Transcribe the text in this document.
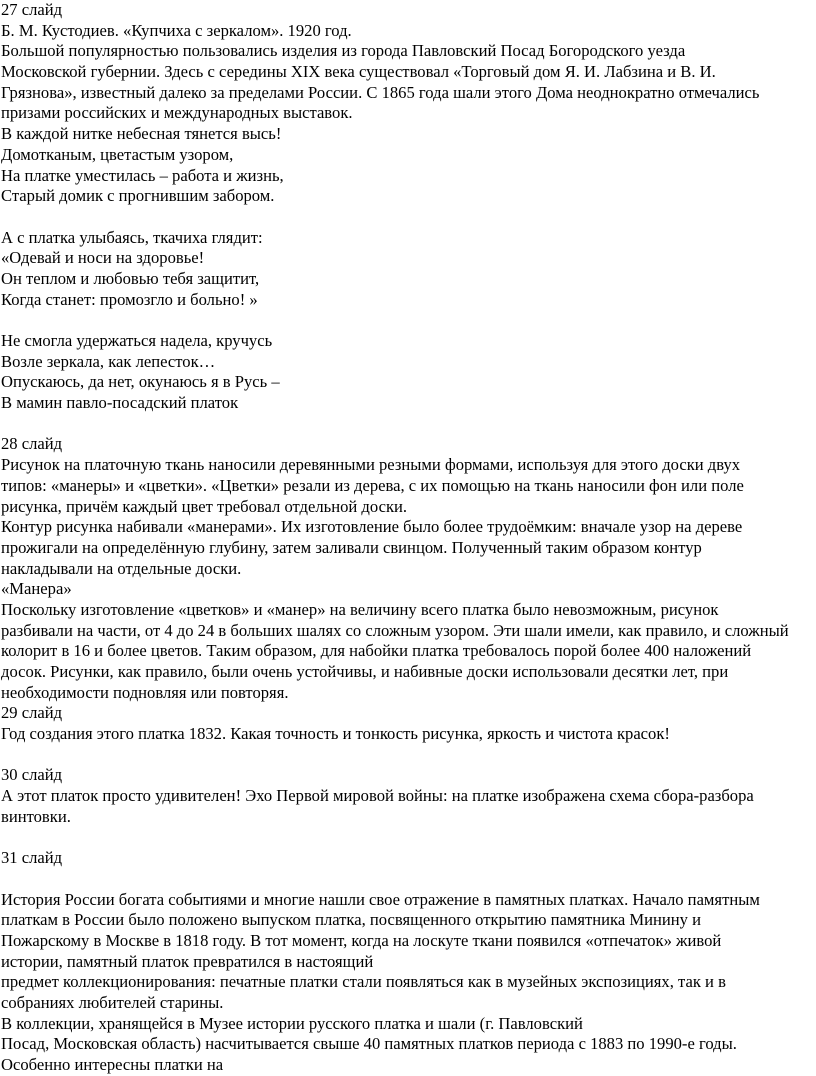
27 слайд
Б. М. Кустодиев. «Купчиха с зеркалом». 1920 год.
Большой популярностью пользовались изделия из города Павловский Посад Богородского уезда
Московской губернии. Здесь с середины XIX века существовал «Торговый дом Я. И. Лабзина и В. И.
Грязнова», известный далеко за пределами России. С 1865 года шали этого Дома неоднократно отмечались
призами российских и международных выставок.
В каждой нитке небесная тянется высь!
Домотканым, цветастым узором,
На платке уместилась – работа и жизнь,
Старый домик с прогнившим забором.
А с платка улыбаясь, ткачиха глядит:
«Одевай и носи на здоровье!
Он теплом и любовью тебя защитит,
Когда станет: промозгло и больно! »
Не смогла удержаться надела, кручусь
Возле зеркала, как лепесток…
Опускаюсь, да нет, окунаюсь я в Русь –
В мамин павло-посадский платок
28 слайд
Рисунок на платочную ткань наносили деревянными резными формами, используя для этого доски двух
типов: «манеры» и «цветки». «Цветки» резали из дерева, с их помощью на ткань наносили фон или поле
рисунка, причём каждый цвет требовал отдельной доски.
Контур рисунка набивали «манерами». Их изготовление было более трудоёмким: вначале узор на дереве
прожигали на определённую глубину, затем заливали свинцом. Полученный таким образом контур
накладывали на отдельные доски.
«Манера»
Поскольку изготовление «цветков» и «манер» на величину всего платка было невозможным, рисунок
разбивали на части, от 4 до 24 в больших шалях со сложным узором. Эти шали имели, как правило, и сложный
колорит в 16 и более цветов. Таким образом, для набойки платка требовалось порой более 400 наложений
досок. Рисунки, как правило, были очень устойчивы, и набивные доски использовали десятки лет, при
необходимости подновляя или повторяя.
29 слайд
Год создания этого платка 1832. Какая точность и тонкость рисунка, яркость и чистота красок!
30 слайд
А этот платок просто удивителен! Эхо Первой мировой войны: на платке изображена схема сбора-разбора
винтовки.
31 слайд
История России богата событиями и многие нашли свое отражение в памятных платках. Начало памятным
платкам в России было положено выпуском платка, посвященного открытию памятника Минину и
Пожарскому в Москве в 1818 году. В тот момент, когда на лоскуте ткани появился «отпечаток» живой
истории, памятный платок превратился в настоящий
предмет коллекционирования: печатные платки стали появляться как в музейных экспозициях, так и в
собраниях любителей старины.
В коллекции, хранящейся в Музее истории русского платка и шали (г. Павловский
Посад, Московская область) насчитывается свыше 40 памятных платков периода с 1883 по 1990-е годы.
Особенно интересны платки на
